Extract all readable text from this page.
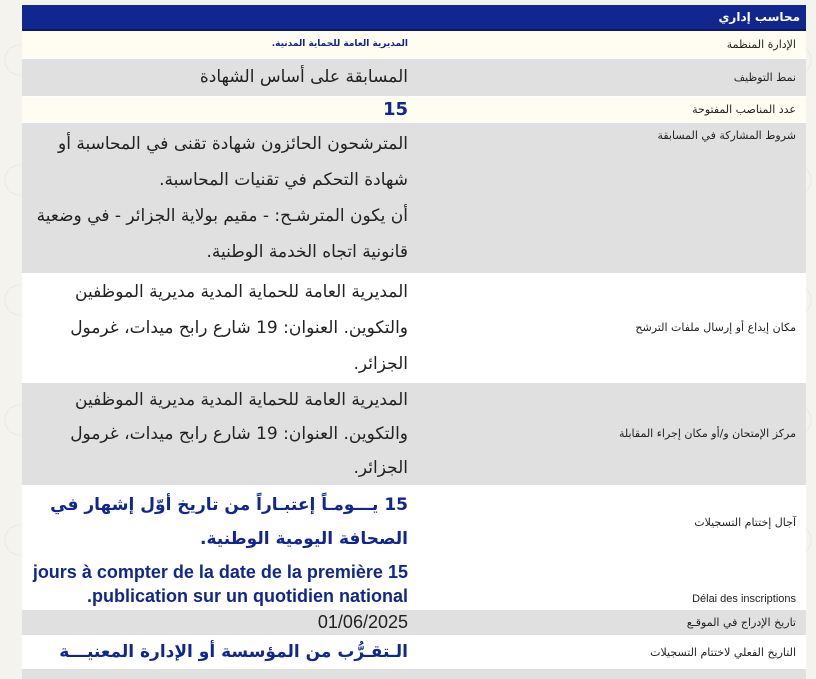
محاسب إداري	
الإدارة المنظمة	المديرية العامة للحماية المدنية.
نمط التوظيف	المسابقة على أساس الشهادة
عدد المناصب المفتوحة	15
شروط المشاركة في المسابقة	المترشحون الحائزون شهادة تقنى في المحاسبة أو شهادة التحكم في تقنيات المحاسبة.

أن يكون المترشـح: - مقيم بولاية الجزائر - في وضعية قانونية اتجاه الخدمة الوطنية.

مكان إيداع أو إرسال ملفات الترشح	المديرية العامة للحماية المدية مديرية الموظفين والتكوين. العنوان: 19 شارع رابح ميدات، غرمول الجزائر.
مركز الإمتحان و/أو مكان إجراء المقابلة	المديرية العامة للحماية المدية مديرية الموظفين والتكوين. العنوان: 19 شارع رابح ميدات، غرمول الجزائر.
آجال إختتام التسجيلات	15 يـــومـاً إعتبـاراً من تاريخ أوّل إشهار في الصحافة اليومية الوطنية.
Délai des inscriptions	15 jours à compter de la date de la première publication sur un quotidien national.
تاريخ الإدراج في الموقـع	01/06/2025
التاريخ الفعلي لاختتام التسجيلات	الـتقـرُّب من المؤسسة أو الإدارة المعنيـــة
